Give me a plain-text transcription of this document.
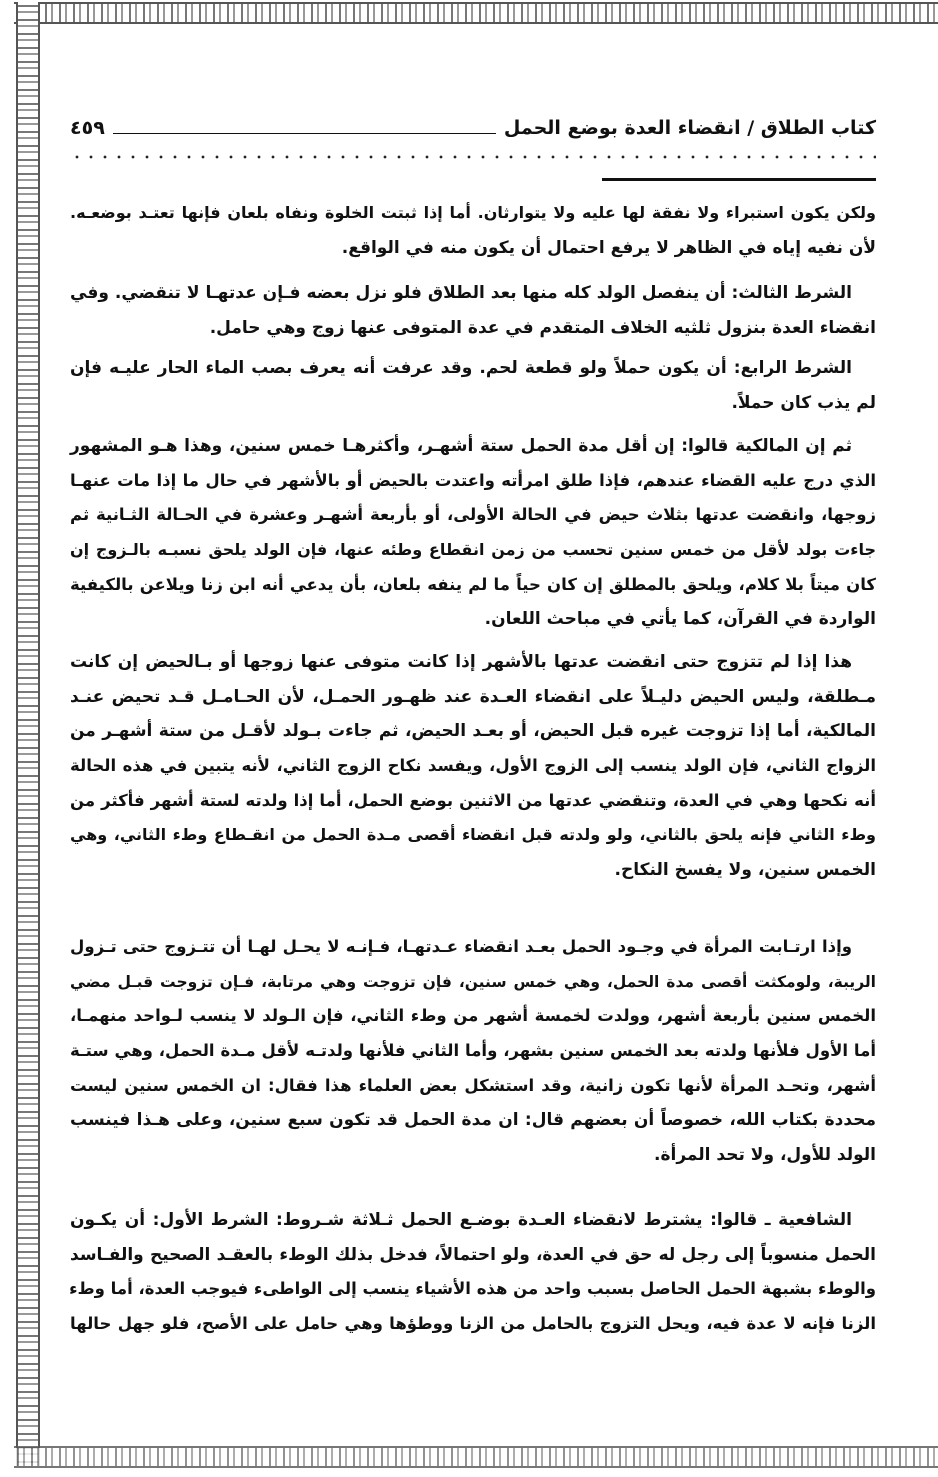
كتاب الطلاق / انقضاء العدة بوضع الحمل
٤٥٩
ولكن يكون استبراء ولا نفقة لها عليه ولا يتوارثان. أما إذا ثبتت الخلوة ونفاه بلعان فإنها تعتـد بوضعـه.
لأن نفيه إياه في الظاهر لا يرفع احتمال أن يكون منه في الواقع.
الشرط الثالث: أن ينفصل الولد كله منها بعد الطلاق فلو نزل بعضه فـإن عدتهـا لا تنقضي. وفي
انقضاء العدة بنزول ثلثيه الخلاف المتقدم في عدة المتوفى عنها زوج وهي حامل.
الشرط الرابع: أن يكون حملاً ولو قطعة لحم. وقد عرفت أنه يعرف بصب الماء الحار عليـه فإن
لم يذب كان حملاً.
ثم إن المالكية قالوا: إن أقل مدة الحمل ستة أشهـر، وأكثرهـا خمس سنين، وهذا هـو المشهور
الذي درج عليه القضاء عندهم، فإذا طلق امرأته واعتدت بالحيض أو بالأشهر في حال ما إذا مات عنهـا
زوجها، وانقضت عدتها بثلاث حيض في الحالة الأولى، أو بأربعة أشهـر وعشرة في الحـالة الثـانية ثم
جاءت بولد لأقل من خمس سنين تحسب من زمن انقطاع وطئه عنها، فإن الولد يلحق نسبـه بالـزوج إن
كان ميتاً بلا كلام، ويلحق بالمطلق إن كان حياً ما لم ينفه بلعان، بأن يدعي أنه ابن زنا ويلاعن بالكيفية
الواردة في القرآن، كما يأتي في مباحث اللعان.
هذا إذا لم تتزوج حتى انقضت عدتها بالأشهر إذا كانت متوفى عنها زوجها أو بـالحيض إن كانت
مـطلقة، وليس الحيض دليـلاً على انقضاء العـدة عند ظهـور الحمـل، لأن الحـامـل قـد تحيض عنـد
المالكية، أما إذا تزوجت غيره قبل الحيض، أو بعـد الحيض، ثم جاءت بـولد لأقـل من ستة أشهـر من
الزواج الثاني، فإن الولد ينسب إلى الزوج الأول، ويفسد نكاح الزوج الثاني، لأنه يتبين في هذه الحالة
أنه نكحها وهي في العدة، وتنقضي عدتها من الاثنين بوضع الحمل، أما إذا ولدته لستة أشهر فأكثر من
وطء الثاني فإنه يلحق بالثاني، ولو ولدته قبل انقضاء أقصى مـدة الحمل من انقـطاع وطء الثاني، وهي
الخمس سنين، ولا يفسخ النكاح.
وإذا ارتـابت المرأة في وجـود الحمل بعـد انقضاء عـدتهـا، فـإنـه لا يحـل لهـا أن تتـزوج حتى تـزول
الريبة، ولومكثت أقصى مدة الحمل، وهي خمس سنين، فإن تزوجت وهي مرتابة، فـإن تزوجت قبـل مضي
الخمس سنين بأربعة أشهر، وولدت لخمسة أشهر من وطء الثاني، فإن الـولد لا ينسب لـواحد منهمـا،
أما الأول فلأنها ولدته بعد الخمس سنين بشهر، وأما الثاني فلأنها ولدتـه لأقل مـدة الحمل، وهي ستـة
أشهر، وتحـد المرأة لأنها تكون زانية، وقد استشكل بعض العلماء هذا فقال: ان الخمس سنين ليست
محددة بكتاب الله، خصوصاً أن بعضهم قال: ان مدة الحمل قد تكون سبع سنين، وعلى هـذا فينسب
الولد للأول، ولا تحد المرأة.
الشافعية ـ قالوا: يشترط لانقضاء العـدة بوضـع الحمل ثـلاثة شـروط: الشرط الأول: أن يكـون
الحمل منسوباً إلى رجل له حق في العدة، ولو احتمالاً، فدخل بذلك الوطء بالعقـد الصحيح والفـاسد
والوطء بشبهة الحمل الحاصل بسبب واحد من هذه الأشياء ينسب إلى الواطىء فيوجب العدة، أما وطء
الزنا فإنه لا عدة فيه، ويحل التزوج بالحامل من الزنا ووطؤها وهي حامل على الأصح، فلو جهل حالها
